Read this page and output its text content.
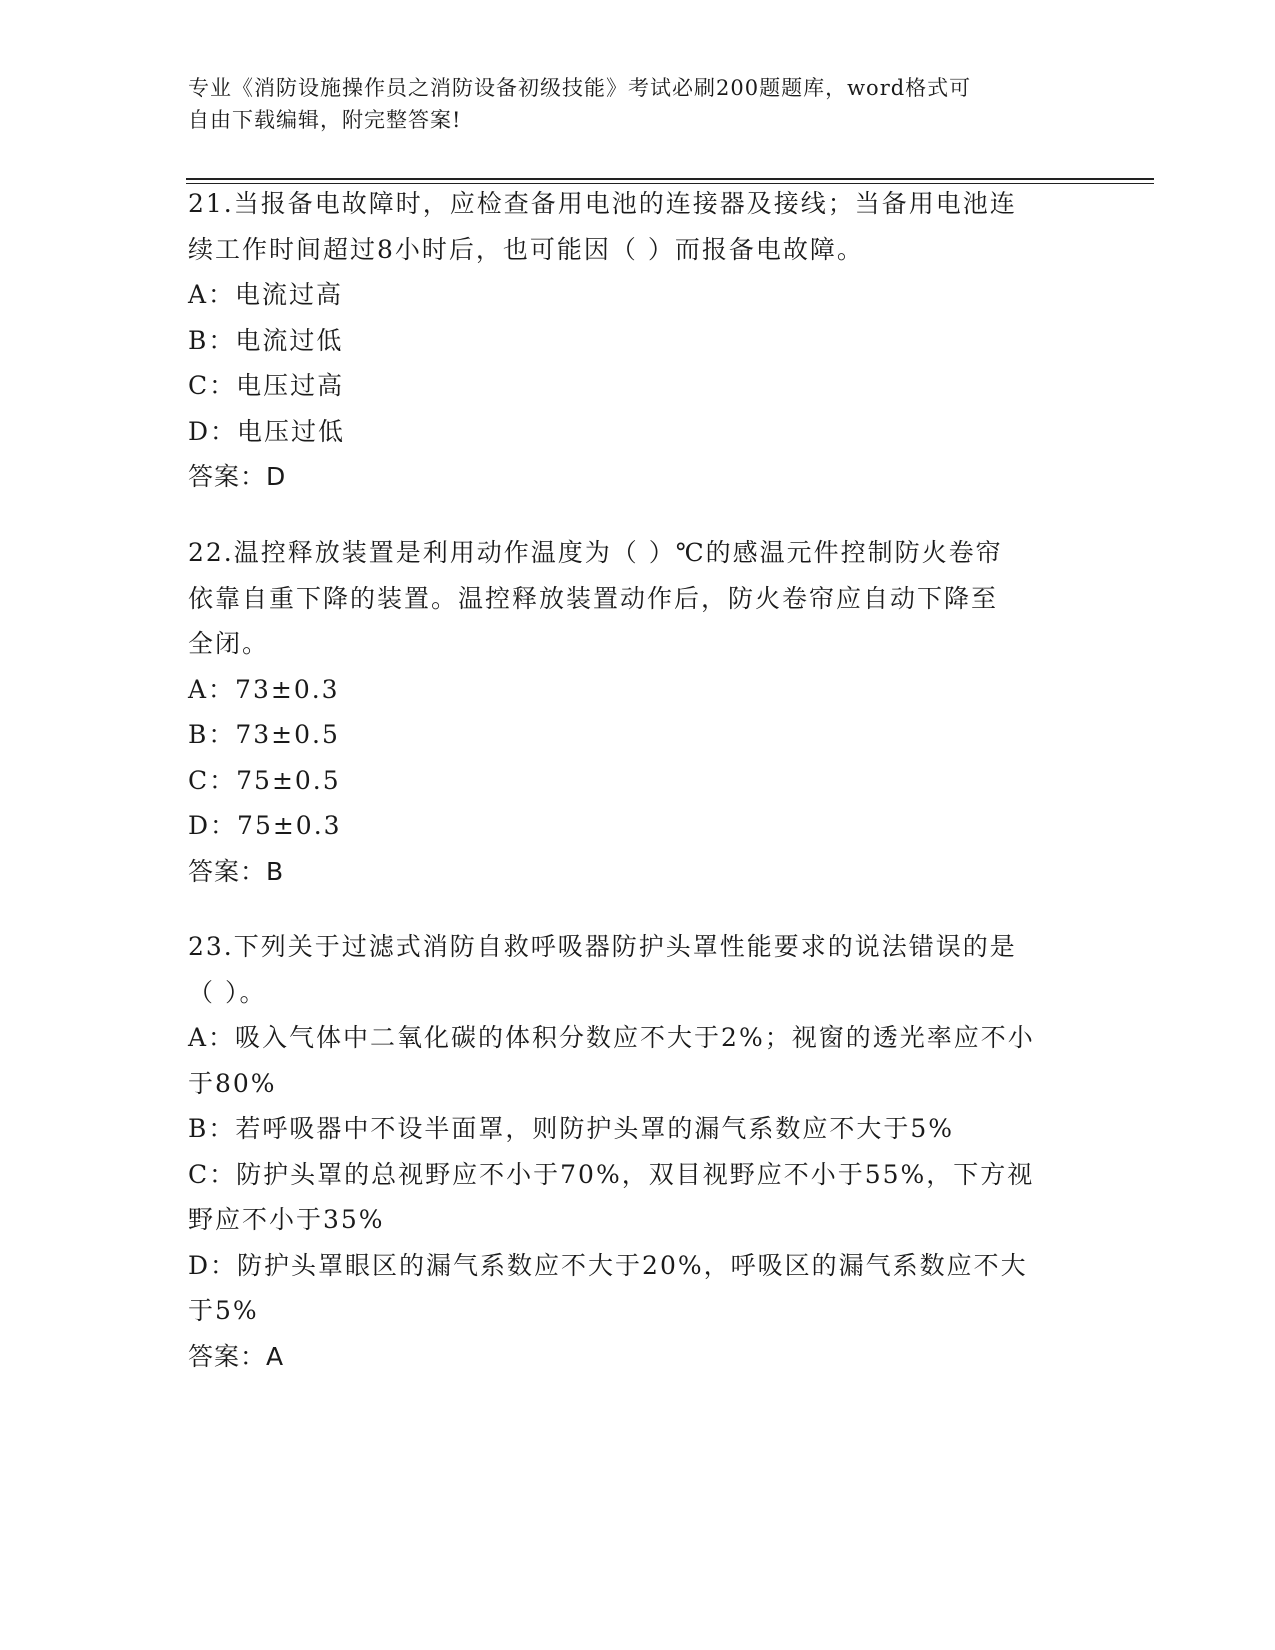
专业《消防设施操作员之消防设备初级技能》考试必刷200题题库，word格式可
自由下载编辑，附完整答案!
21.当报备电故障时，应检查备用电池的连接器及接线；当备用电池连
续工作时间超过8小时后，也可能因（ ）而报备电故障。
A：电流过高
B：电流过低
C：电压过高
D：电压过低
答案：D
22.温控释放装置是利用动作温度为（ ）℃的感温元件控制防火卷帘
依靠自重下降的装置。温控释放装置动作后，防火卷帘应自动下降至
全闭。
A：73±0.3
B：73±0.5
C：75±0.5
D：75±0.3
答案：B
23.下列关于过滤式消防自救呼吸器防护头罩性能要求的说法错误的是
（ ）。
A：吸入气体中二氧化碳的体积分数应不大于2%；视窗的透光率应不小
于80%
B：若呼吸器中不设半面罩，则防护头罩的漏气系数应不大于5%
C：防护头罩的总视野应不小于70%，双目视野应不小于55%，下方视
野应不小于35%
D：防护头罩眼区的漏气系数应不大于20%，呼吸区的漏气系数应不大
于5%
答案：A
